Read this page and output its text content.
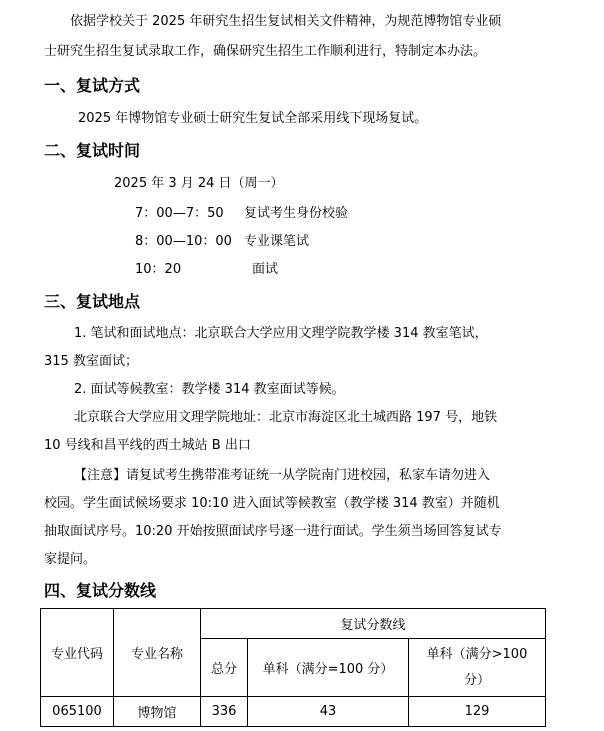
依据学校关于 2025 年研究生招生复试相关文件精神，为规范博物馆专业硕
士研究生招生复试录取工作，确保研究生招生工作顺利进行，特制定本办法。
一、复试方式
2025 年博物馆专业硕士研究生复试全部采用线下现场复试。
二、复试时间
2025 年 3 月 24 日（周一）
7：00—7：50 复试考生身份校验
8：00—10：00 专业课笔试
10：20	面试
三、复试地点
1. 笔试和面试地点：北京联合大学应用文理学院教学楼 314 教室笔试，
315 教室面试；
2. 面试等候教室：教学楼 314 教室面试等候。
北京联合大学应用文理学院地址：北京市海淀区北土城西路 197 号，地铁
10 号线和昌平线的西土城站 B 出口
【注意】请复试考生携带准考证统一从学院南门进校园，私家车请勿进入
校园。学生面试候场要求 10:10 进入面试等候教室（教学楼 314 教室）并随机
抽取面试序号。10:20 开始按照面试序号逐一进行面试。学生须当场回答复试专
家提问。
四、复试分数线
专业代码	专业名称	复试分数线		
		总分	单科（满分=100 分）	单科（满分>100
分）

065100	博物馆	336	43	129
